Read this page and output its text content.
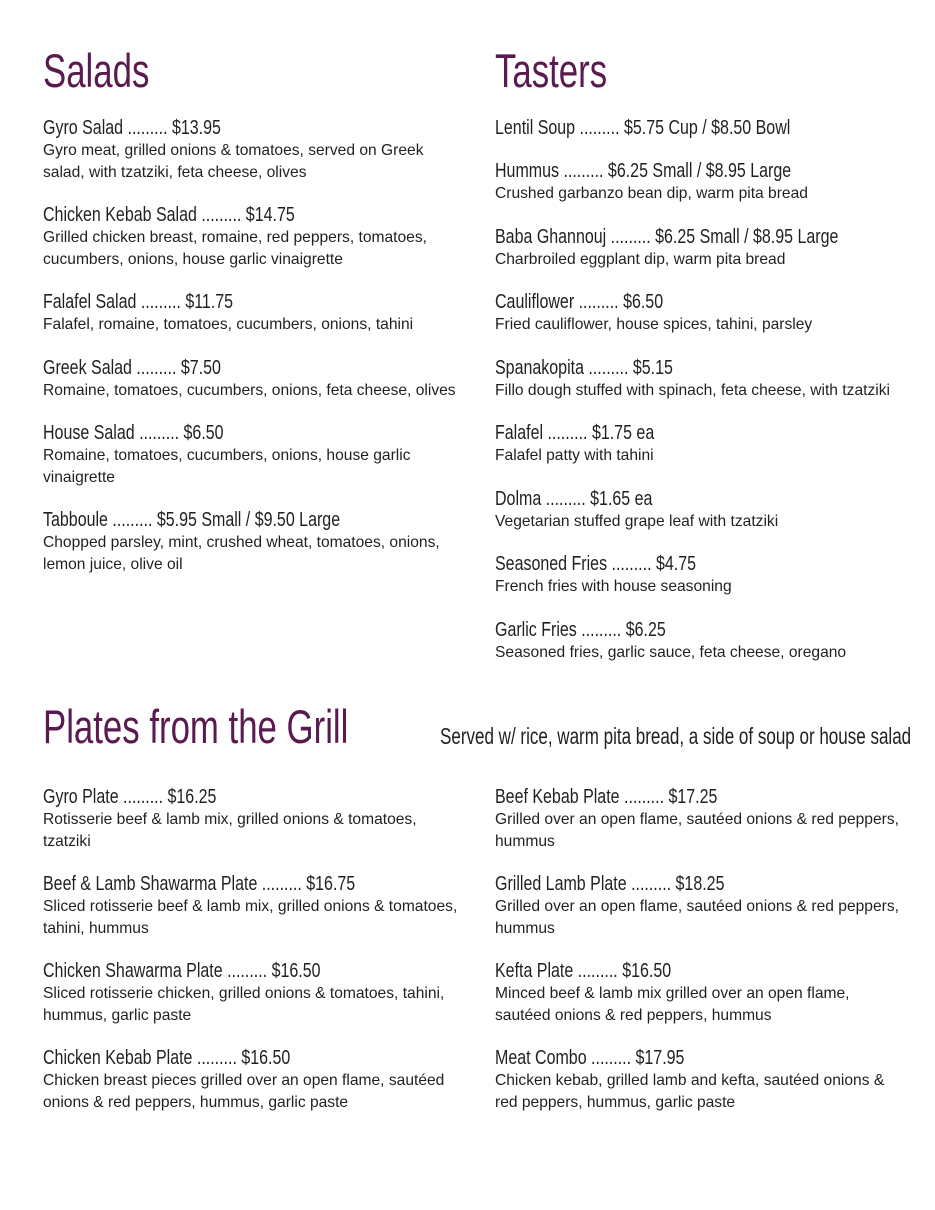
Salads	Tasters
Gyro Salad ......... $13.95
Gyro meat, grilled onions & tomatoes, served on Greek salad, with tzatziki, feta cheese, olives
Chicken Kebab Salad ......... $14.75
Grilled chicken breast, romaine, red peppers, tomatoes, cucumbers, onions, house garlic vinaigrette
Falafel Salad ......... $11.75
Falafel, romaine, tomatoes, cucumbers, onions, tahini
Greek Salad ......... $7.50
Romaine, tomatoes, cucumbers, onions, feta cheese, olives
House Salad ......... $6.50
Romaine, tomatoes, cucumbers, onions, house garlic vinaigrette
Tabboule ......... $5.95 Small / $9.50 Large
Chopped parsley, mint, crushed wheat, tomatoes, onions, lemon juice, olive oil
Lentil Soup ......... $5.75 Cup / $8.50 Bowl
Hummus ......... $6.25 Small / $8.95 Large
Crushed garbanzo bean dip, warm pita bread
Baba Ghannouj ......... $6.25 Small / $8.95 Large
Charbroiled eggplant dip, warm pita bread
Cauliflower ......... $6.50
Fried cauliflower, house spices, tahini, parsley
Spanakopita ......... $5.15
Fillo dough stuffed with spinach, feta cheese, with tzatziki
Falafel ......... $1.75 ea
Falafel patty with tahini
Dolma ......... $1.65 ea
Vegetarian stuffed grape leaf with tzatziki
Seasoned Fries ......... $4.75
French fries with house seasoning
Garlic Fries ......... $6.25
Seasoned fries, garlic sauce, feta cheese, oregano
Plates from the Grill	Served w/ rice, warm pita bread, a side of soup or house salad
Gyro Plate ......... $16.25
Rotisserie beef & lamb mix, grilled onions & tomatoes, tzatziki
Beef & Lamb Shawarma Plate ......... $16.75
Sliced rotisserie beef & lamb mix, grilled onions & tomatoes, tahini, hummus
Chicken Shawarma Plate ......... $16.50
Sliced rotisserie chicken, grilled onions & tomatoes, tahini, hummus, garlic paste
Chicken Kebab Plate ......... $16.50
Chicken breast pieces grilled over an open flame, sautéed onions & red peppers, hummus, garlic paste
Beef Kebab Plate ......... $17.25
Grilled over an open flame, sautéed onions & red peppers, hummus
Grilled Lamb Plate ......... $18.25
Grilled over an open flame, sautéed onions & red peppers, hummus
Kefta Plate ......... $16.50
Minced beef & lamb mix grilled over an open flame, sautéed onions & red peppers, hummus
Meat Combo ......... $17.95
Chicken kebab, grilled lamb and kefta, sautéed onions & red peppers, hummus, garlic paste
